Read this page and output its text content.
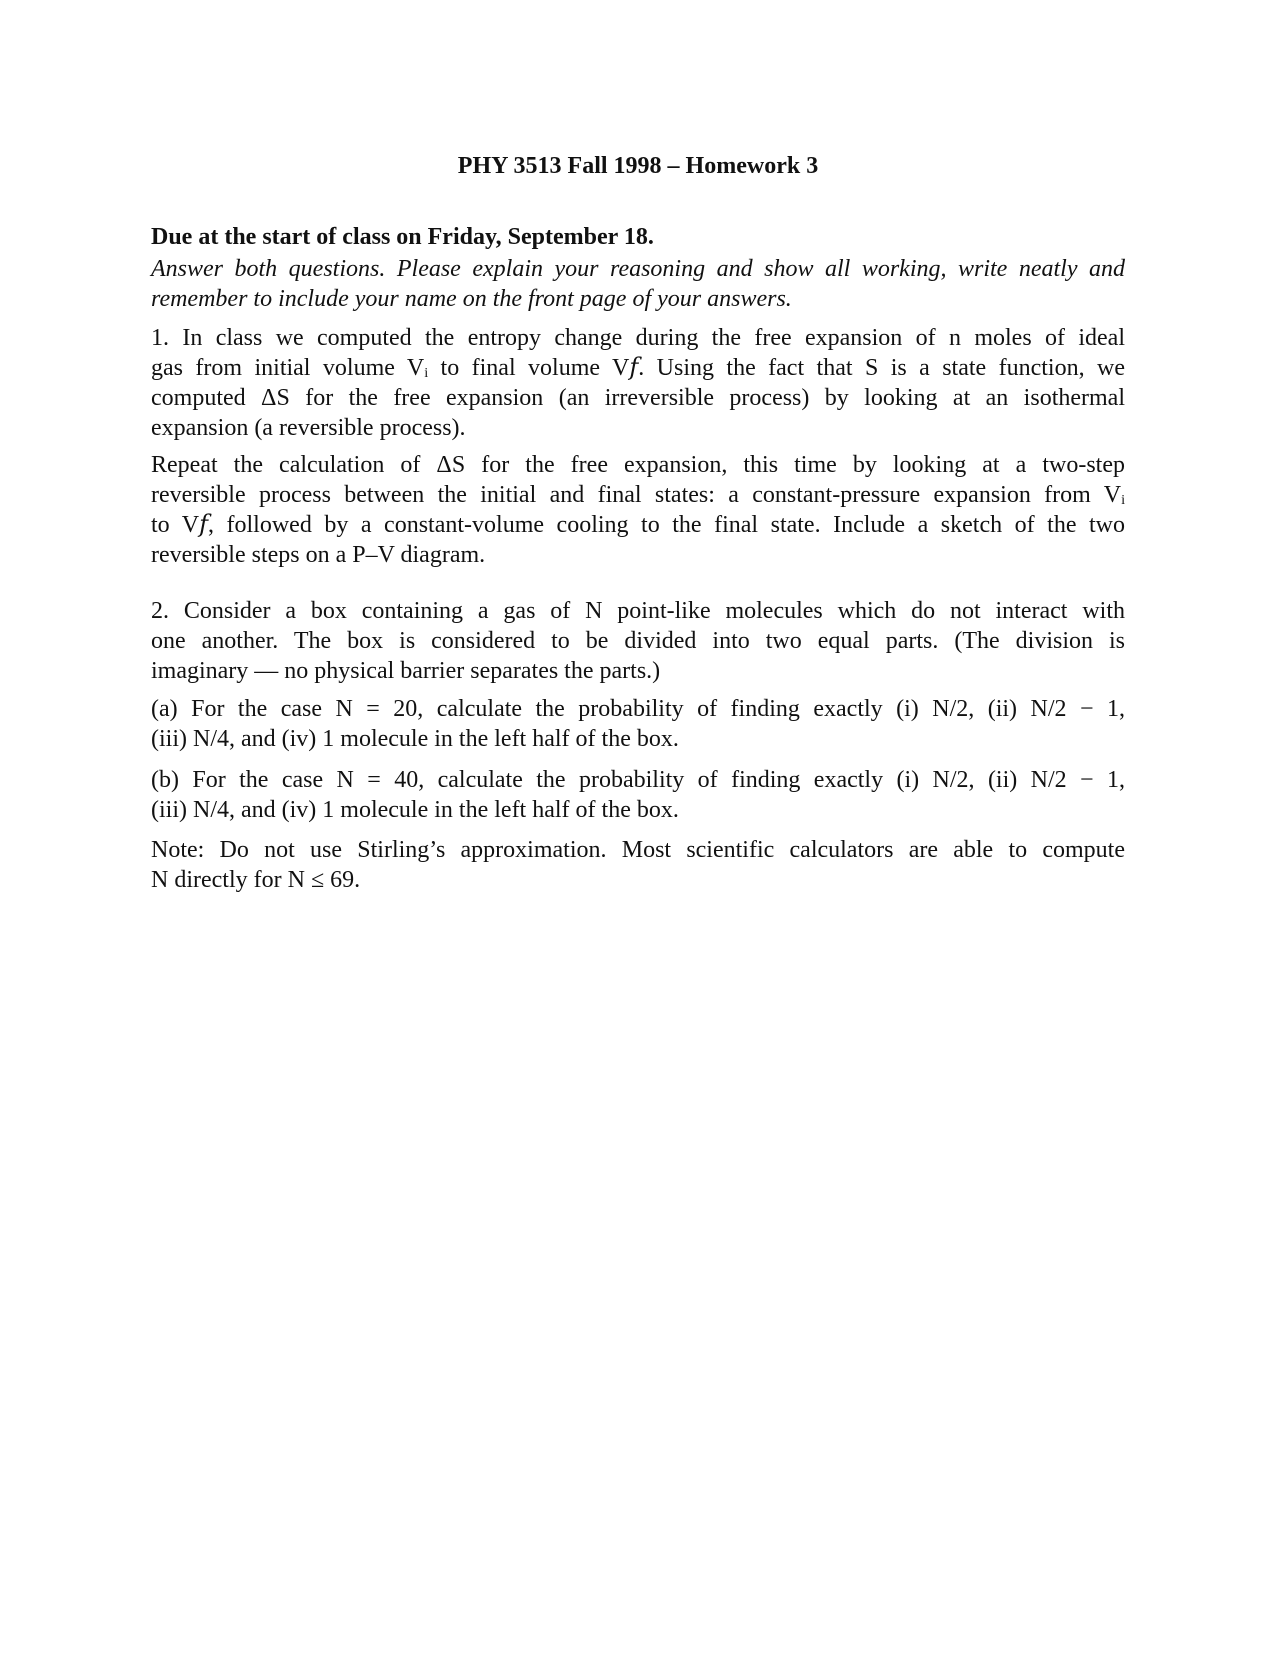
PHY 3513 Fall 1998 – Homework 3
Due at the start of class on Friday, September 18.
Answer both questions. Please explain your reasoning and show all working, write neatly and
remember to include your name on the front page of your answers.
1. In class we computed the entropy change during the free expansion of n moles of ideal
gas from initial volume Vᵢ to final volume V𝑓. Using the fact that S is a state function, we
computed ΔS for the free expansion (an irreversible process) by looking at an isothermal
expansion (a reversible process).
Repeat the calculation of ΔS for the free expansion, this time by looking at a two-step
reversible process between the initial and final states: a constant-pressure expansion from Vᵢ
to V𝑓, followed by a constant-volume cooling to the final state. Include a sketch of the two
reversible steps on a P–V diagram.
2. Consider a box containing a gas of N point-like molecules which do not interact with
one another. The box is considered to be divided into two equal parts. (The division is
imaginary — no physical barrier separates the parts.)
(a) For the case N = 20, calculate the probability of finding exactly (i) N/2, (ii) N/2 − 1,
(iii) N/4, and (iv) 1 molecule in the left half of the box.
(b) For the case N = 40, calculate the probability of finding exactly (i) N/2, (ii) N/2 − 1,
(iii) N/4, and (iv) 1 molecule in the left half of the box.
Note: Do not use Stirling’s approximation. Most scientific calculators are able to compute
N directly for N ≤ 69.
